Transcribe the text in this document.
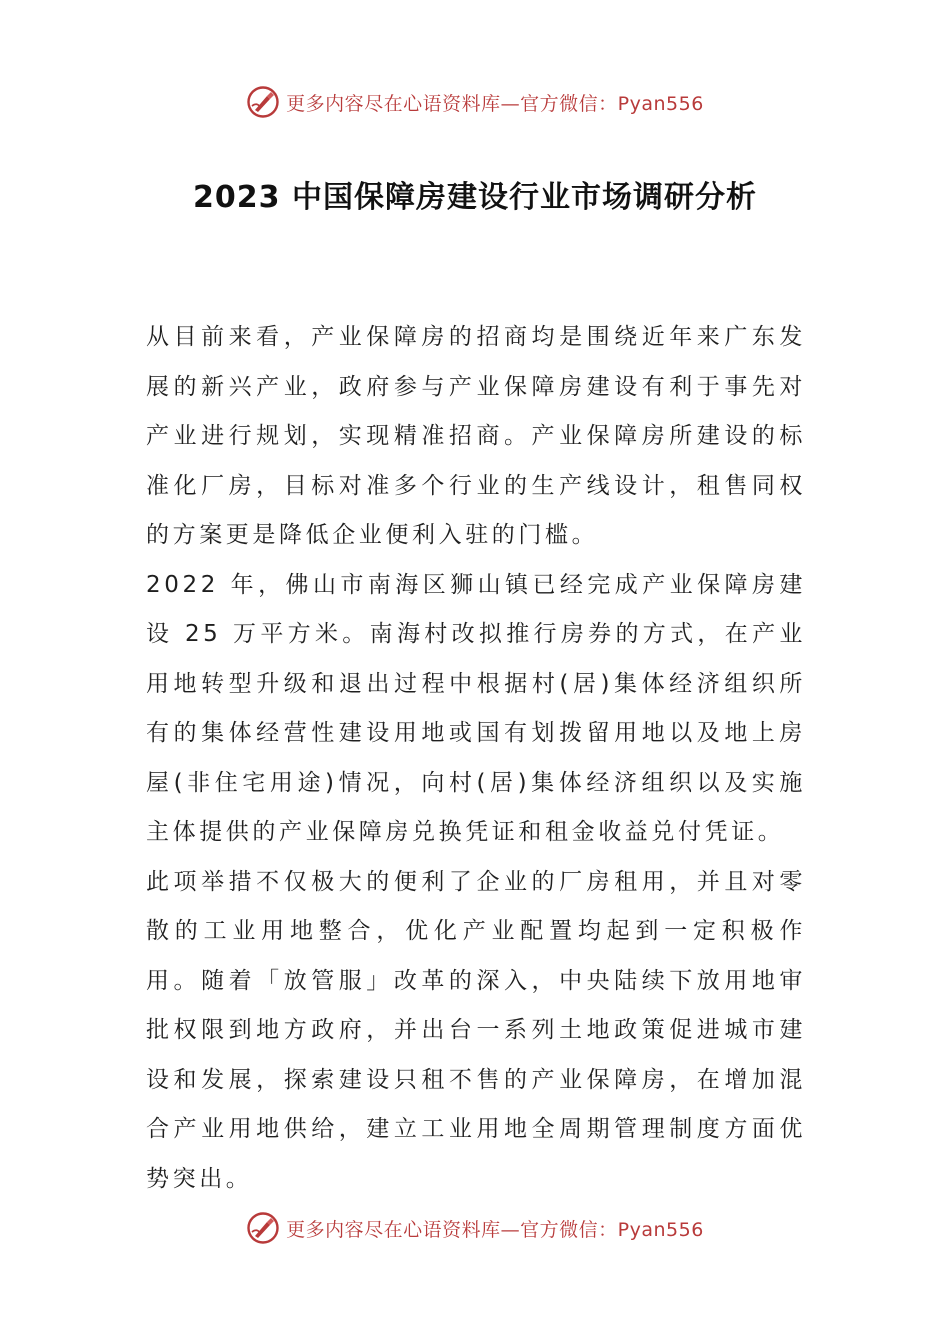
更多内容尽在心语资料库—官方微信：Pyan556
2023 中国保障房建设行业市场调研分析

从目前来看，产业保障房的招商均是围绕近年来广东发展的新兴产业，政府参与产业保障房建设有利于事先对产业进行规划，实现精准招商。产业保障房所建设的标准化厂房，目标对准多个行业的生产线设计，租售同权的方案更是降低企业便利入驻的门槛。

2022 年，佛山市南海区狮山镇已经完成产业保障房建设 25 万平方米。南海村改拟推行房券的方式，在产业用地转型升级和退出过程中根据村(居)集体经济组织所有的集体经营性建设用地或国有划拨留用地以及地上房屋(非住宅用途)情况，向村(居)集体经济组织以及实施主体提供的产业保障房兑换凭证和租金收益兑付凭证。

此项举措不仅极大的便利了企业的厂房租用，并且对零散的工业用地整合，优化产业配置均起到一定积极作用。随着「放管服」改革的深入，中央陆续下放用地审批权限到地方政府，并出台一系列土地政策促进城市建设和发展，探索建设只租不售的产业保障房，在增加混合产业用地供给，建立工业用地全周期管理制度方面优势突出。

更多内容尽在心语资料库—官方微信：Pyan556
